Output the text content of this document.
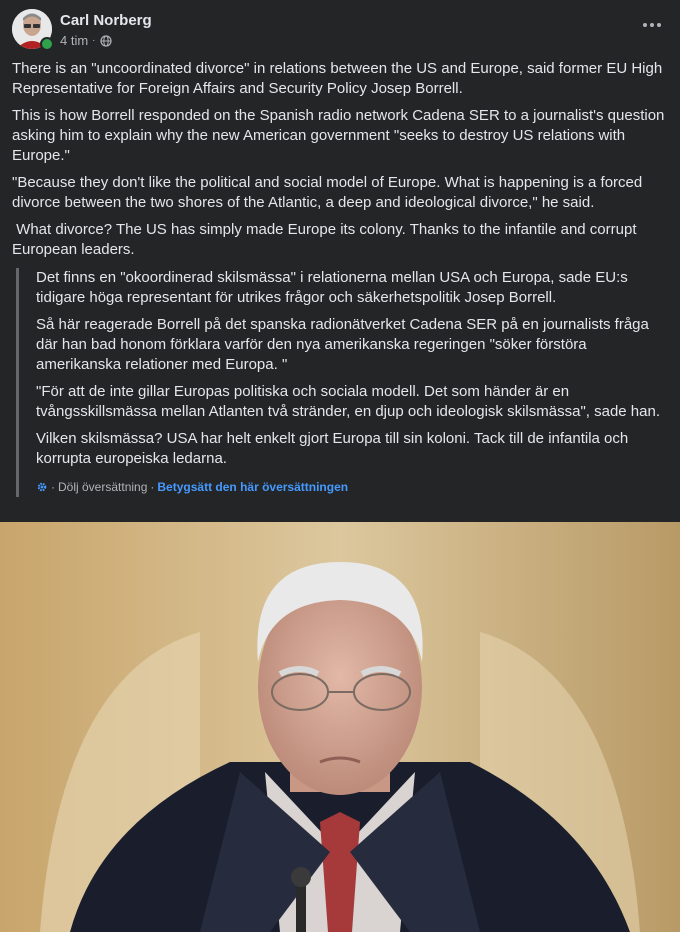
Carl Norberg
4 tim ·

There is an "uncoordinated divorce" in relations between the US and Europe, said former EU High Representative for Foreign Affairs and Security Policy Josep Borrell.

This is how Borrell responded on the Spanish radio network Cadena SER to a journalist's question asking him to explain why the new American government "seeks to destroy US relations with Europe."

"Because they don't like the political and social model of Europe. What is happening is a forced divorce between the two shores of the Atlantic, a deep and ideological divorce," he said.

What divorce? The US has simply made Europe its colony. Thanks to the infantile and corrupt European leaders.

Det finns en "okoordinerad skilsmässa" i relationerna mellan USA och Europa, sade EU:s tidigare höga representant för utrikes frågor och säkerhetspolitik Josep Borrell.

Så här reagerade Borrell på det spanska radionätverket Cadena SER på en journalists fråga där han bad honom förklara varför den nya amerikanska regeringen "söker förstöra amerikanska relationer med Europa. "

"För att de inte gillar Europas politiska och sociala modell. Det som händer är en tvångsskillsmässa mellan Atlanten två stränder, en djup och ideologisk skilsmässa", sade han.

Vilken skilsmässa? USA har helt enkelt gjort Europa till sin koloni. Tack till de infantila och korrupta europeiska ledarna.

· Dölj översättning · Betygsätt den här översättningen
